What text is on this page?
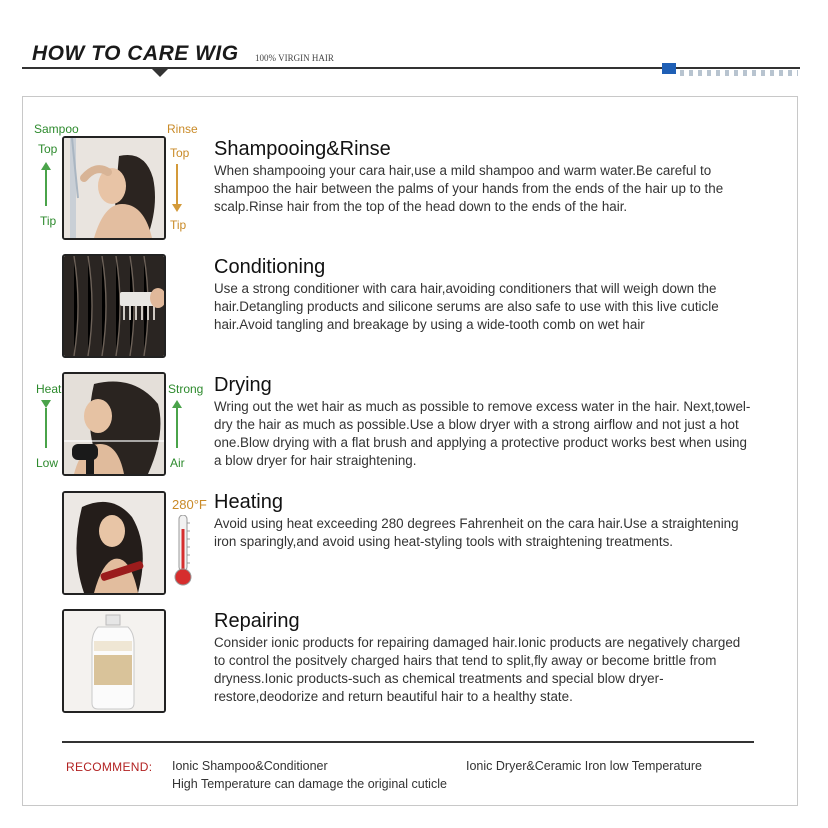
HOW TO CARE WIG 100% VIRGIN HAIR
Sampoo
Top
Tip
Rinse
Top
Tip
Shampooing&Rinse
When shampooing your cara hair,use a mild shampoo and warm water.Be careful to shampoo the hair between the palms of your hands from the ends of the hair up to the scalp.Rinse hair from the top of the head down to the ends of the hair.
Conditioning
Use a strong conditioner with cara hair,avoiding conditioners that will weigh down the hair.Detangling products and silicone serums are also safe to use with this live cuticle hair.Avoid tangling and breakage by using a wide-tooth comb on wet hair
Heat
Low
Strong
Air
Drying
Wring out the wet hair as much as possible to remove excess water in the hair. Next,towel-dry the hair as much as possible.Use a blow dryer with a strong airflow and not just a hot one.Blow drying with a flat brush and applying a protective product works best when using a blow dryer for hair straightening.
280°F Heating
Avoid using heat exceeding 280 degrees Fahrenheit on the cara hair.Use a straightening iron sparingly,and avoid using heat-styling tools with straightening treatments.
Repairing
Consider ionic products for repairing damaged hair.Ionic products are negatively charged to control the positvely charged hairs that tend to split,fly away or become brittle from dryness.Ionic products-such as chemical treatments and special blow dryer-restore,deodorize and return beautiful hair to a healthy state.
RECOMMEND: Ionic Shampoo&Conditioner	Ionic Dryer&Ceramic Iron low Temperature
High Temperature can damage the original cuticle
